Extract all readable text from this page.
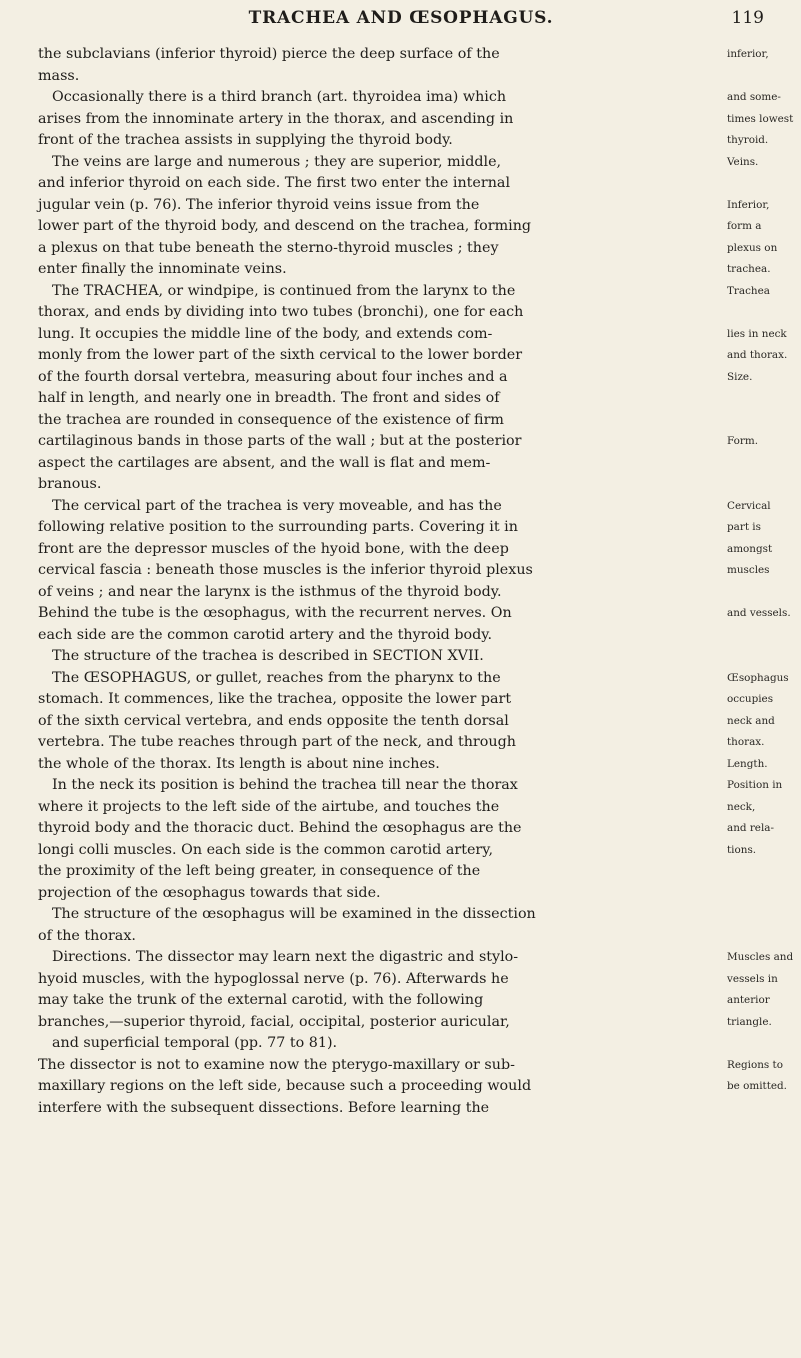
TRACHEA AND ŒSOPHAGUS.	119
the subclavians (inferior thyroid) pierce the deep surface of the
mass.
Occasionally there is a third branch (art. thyroidea ima) which
arises from the innominate artery in the thorax, and ascending in
front of the trachea assists in supplying the thyroid body.
The veins are large and numerous ; they are superior, middle,
and inferior thyroid on each side. The first two enter the internal
jugular vein (p. 76). The inferior thyroid veins issue from the
lower part of the thyroid body, and descend on the trachea, forming
a plexus on that tube beneath the sterno-thyroid muscles ; they
enter finally the innominate veins.
The TRACHEA, or windpipe, is continued from the larynx to the
thorax, and ends by dividing into two tubes (bronchi), one for each
lung. It occupies the middle line of the body, and extends com-
monly from the lower part of the sixth cervical to the lower border
of the fourth dorsal vertebra, measuring about four inches and a
half in length, and nearly one in breadth. The front and sides of
the trachea are rounded in consequence of the existence of firm
cartilaginous bands in those parts of the wall ; but at the posterior
aspect the cartilages are absent, and the wall is flat and mem-
branous.
The cervical part of the trachea is very moveable, and has the
following relative position to the surrounding parts. Covering it in
front are the depressor muscles of the hyoid bone, with the deep
cervical fascia : beneath those muscles is the inferior thyroid plexus
of veins ; and near the larynx is the isthmus of the thyroid body.
Behind the tube is the œsophagus, with the recurrent nerves. On
each side are the common carotid artery and the thyroid body.
The structure of the trachea is described in SECTION XVII.
The ŒSOPHAGUS, or gullet, reaches from the pharynx to the
stomach. It commences, like the trachea, opposite the lower part
of the sixth cervical vertebra, and ends opposite the tenth dorsal
vertebra. The tube reaches through part of the neck, and through
the whole of the thorax. Its length is about nine inches.
In the neck its position is behind the trachea till near the thorax
where it projects to the left side of the airtube, and touches the
thyroid body and the thoracic duct. Behind the œsophagus are the
longi colli muscles. On each side is the common carotid artery,
the proximity of the left being greater, in consequence of the
projection of the œsophagus towards that side.
The structure of the œsophagus will be examined in the dissection
of the thorax.
Directions. The dissector may learn next the digastric and stylo-
hyoid muscles, with the hypoglossal nerve (p. 76). Afterwards he
may take the trunk of the external carotid, with the following
branches,—superior thyroid, facial, occipital, posterior auricular,
and superficial temporal (pp. 77 to 81).
The dissector is not to examine now the pterygo-maxillary or sub-
maxillary regions on the left side, because such a proceeding would
interfere with the subsequent dissections. Before learning the
inferior,
and some-
times lowest
thyroid.
Veins.
Inferior,
form a
plexus on
trachea.
Trachea
lies in neck
and thorax.
Size.
Form.
Cervical
part is
amongst
muscles
and vessels.
Œsophagus
occupies
neck and
thorax.
Length.
Position in
neck,
and rela-
tions.
Muscles and
vessels in
anterior
triangle.
Regions to
be omitted.
